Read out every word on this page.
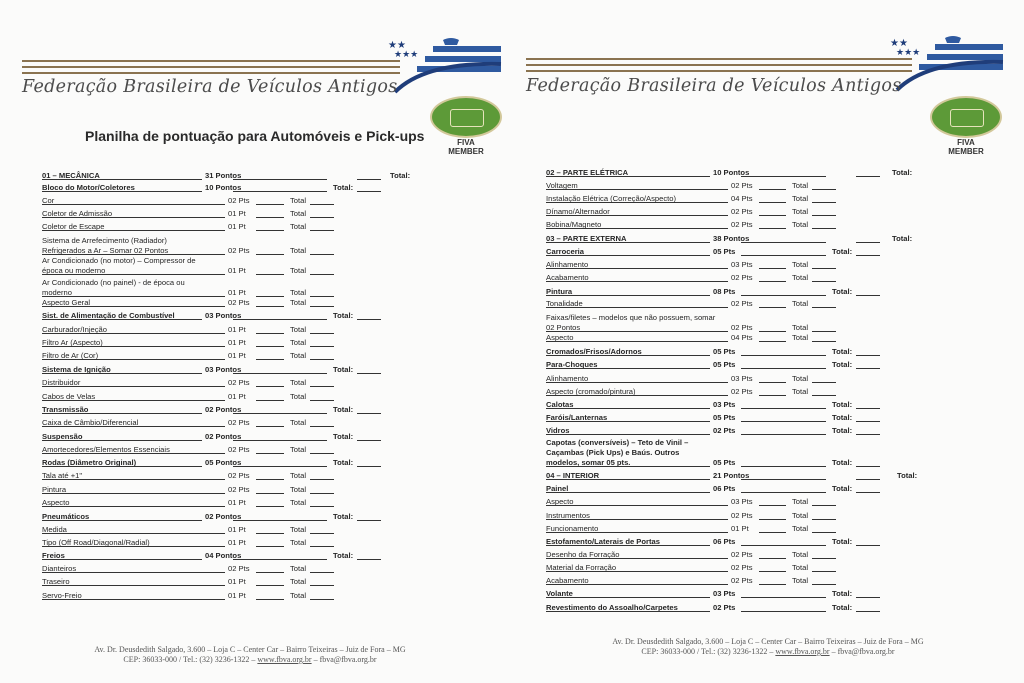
★★
★★★
Federação Brasileira de Veículos Antigos
FIVA
MEMBER
Planilha de pontuação para Automóveis e Pick-ups
01 – MECÂNICA	31 Pontos	Total:
Bloco do Motor/Coletores	10 Pontos	Total:
Cor	02 Pts	Total
Coletor de Admissão	01 Pt	Total
Coletor de Escape	01 Pt	Total
Sistema de Arrefecimento (Radiador)
Refrigerados a Ar – Somar 02 Pontos	02 Pts	Total
Ar Condicionado (no motor) – Compressor de
época ou moderno	01 Pt	Total
Ar Condicionado (no painel) - de época ou
moderno	01 Pt	Total
Aspecto Geral	02 Pts	Total
Sist. de Alimentação de Combustível	03 Pontos	Total:
Carburador/Injeção	01 Pt	Total
Filtro Ar (Aspecto)	01 Pt	Total
Filtro de Ar (Cor)	01 Pt	Total
Sistema de Ignição	03 Pontos	Total:
Distribuidor	02 Pts	Total
Cabos de Velas	01 Pt	Total
Transmissão	02 Pontos	Total:
Caixa de Câmbio/Diferencial	02 Pts	Total
Suspensão	02 Pontos	Total:
Amortecedores/Elementos Essenciais	02 Pts	Total
Rodas (Diâmetro Original)	05 Pontos	Total:
Tala até +1"	02 Pts	Total
Pintura	02 Pts	Total
Aspecto	01 Pt	Total
Pneumáticos	02 Pontos	Total:
Medida	01 Pt	Total
Tipo (Off Road/Diagonal/Radial)	01 Pt	Total
Freios	04 Pontos	Total:
Dianteiros	02 Pts	Total
Traseiro	01 Pt	Total
Servo-Freio	01 Pt	Total
Av. Dr. Deusdedith Salgado, 3.600 – Loja C – Center Car – Bairro Teixeiras – Juiz de Fora – MG
CEP: 36033-000 / Tel.: (32) 3236-1322 – www.fbva.org.br – fbva@fbva.org.br
★★
★★★
Federação Brasileira de Veículos Antigos
FIVA
MEMBER
02 – PARTE ELÉTRICA	10 Pontos	Total:
Voltagem	02 Pts	Total
Instalação Elétrica (Correção/Aspecto)	04 Pts	Total
Dínamo/Alternador	02 Pts	Total
Bobina/Magneto	02 Pts	Total
03 – PARTE EXTERNA	38 Pontos	Total:
Carroceria	05 Pts	Total:
Alinhamento	03 Pts	Total
Acabamento	02 Pts	Total
Pintura	08 Pts	Total:
Tonalidade	02 Pts	Total
Faixas/filetes – modelos que não possuem, somar
02 Pontos	02 Pts	Total
Aspecto	04 Pts	Total
Cromados/Frisos/Adornos	05 Pts	Total:
Para-Choques	05 Pts	Total:
Alinhamento	03 Pts	Total
Aspecto (cromado/pintura)	02 Pts	Total
Calotas	03 Pts	Total:
Faróis/Lanternas	05 Pts	Total:
Vidros	02 Pts	Total:
Capotas (conversíveis) – Teto de Vinil –
Caçambas (Pick Ups) e Baús. Outros
modelos, somar 05 pts.	05 Pts	Total:
04 – INTERIOR	21 Pontos	Total:
Painel	06 Pts	Total:
Aspecto	03 Pts	Total
Instrumentos	02 Pts	Total
Funcionamento	01 Pt	Total
Estofamento/Laterais de Portas	06 Pts	Total:
Desenho da Forração	02 Pts	Total
Material da Forração	02 Pts	Total
Acabamento	02 Pts	Total
Volante	03 Pts	Total:
Revestimento do Assoalho/Carpetes	02 Pts	Total:
Av. Dr. Deusdedith Salgado, 3.600 – Loja C – Center Car – Bairro Teixeiras – Juiz de Fora – MG
CEP: 36033-000 / Tel.: (32) 3236-1322 – www.fbva.org.br – fbva@fbva.org.br
